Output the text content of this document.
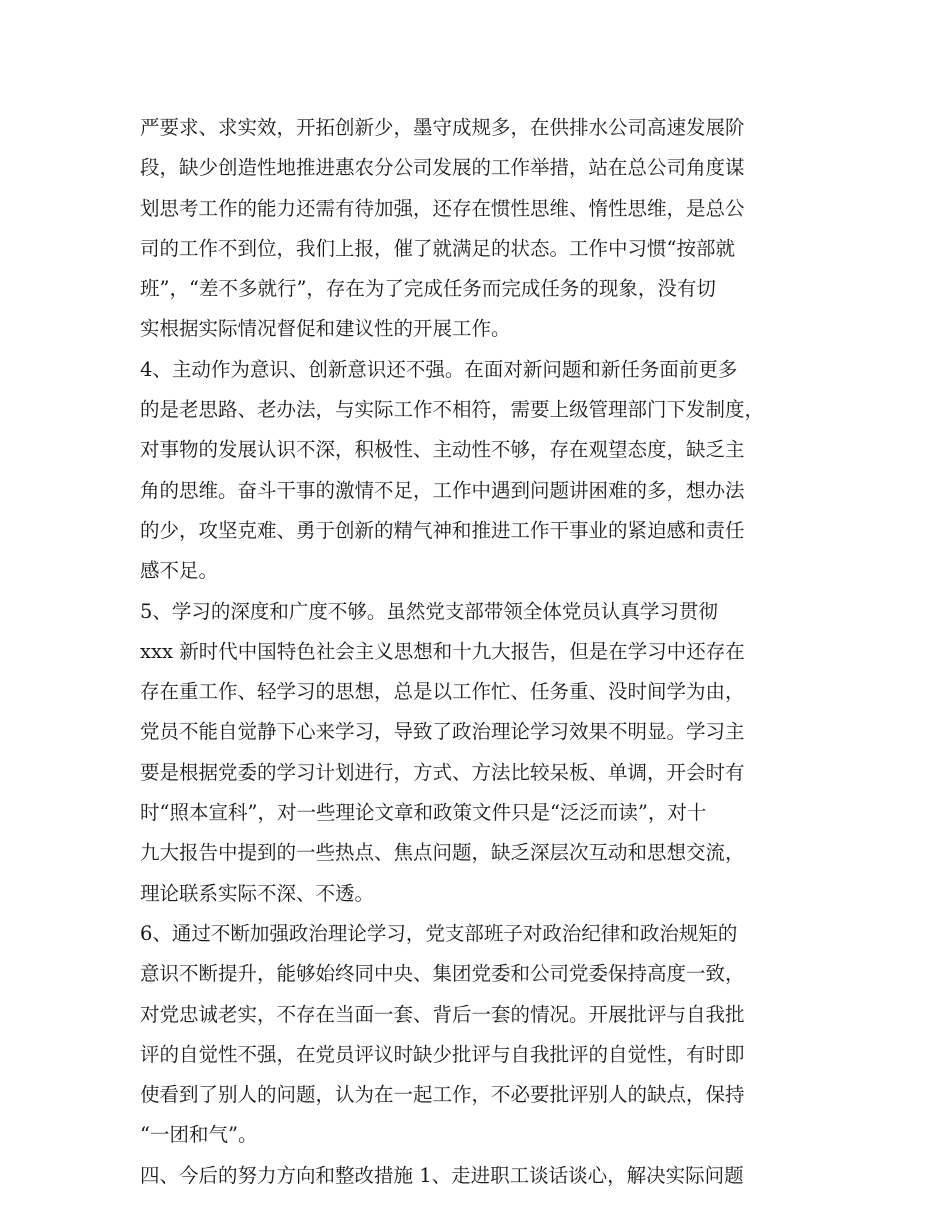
严要求、求实效，开拓创新少，墨守成规多，在供排水公司高速发展阶
段，缺少创造性地推进惠农分公司发展的工作举措，站在总公司角度谋
划思考工作的能力还需有待加强，还存在惯性思维、惰性思维，是总公
司的工作不到位，我们上报，催了就满足的状态。工作中习惯“按部就
班”，“差不多就行”，存在为了完成任务而完成任务的现象，没有切
实根据实际情况督促和建议性的开展工作。
4、主动作为意识、创新意识还不强。在面对新问题和新任务面前更多
的是老思路、老办法，与实际工作不相符，需要上级管理部门下发制度，
对事物的发展认识不深，积极性、主动性不够，存在观望态度，缺乏主
角的思维。奋斗干事的激情不足，工作中遇到问题讲困难的多，想办法
的少，攻坚克难、勇于创新的精气神和推进工作干事业的紧迫感和责任
感不足。
5、学习的深度和广度不够。虽然党支部带领全体党员认真学习贯彻
xxx 新时代中国特色社会主义思想和十九大报告，但是在学习中还存在
存在重工作、轻学习的思想，总是以工作忙、任务重、没时间学为由，
党员不能自觉静下心来学习，导致了政治理论学习效果不明显。学习主
要是根据党委的学习计划进行，方式、方法比较呆板、单调，开会时有
时“照本宣科”，对一些理论文章和政策文件只是“泛泛而读”，对十
九大报告中提到的一些热点、焦点问题，缺乏深层次互动和思想交流，
理论联系实际不深、不透。
6、通过不断加强政治理论学习，党支部班子对政治纪律和政治规矩的
意识不断提升，能够始终同中央、集团党委和公司党委保持高度一致，
对党忠诚老实，不存在当面一套、背后一套的情况。开展批评与自我批
评的自觉性不强，在党员评议时缺少批评与自我批评的自觉性，有时即
使看到了别人的问题，认为在一起工作，不必要批评别人的缺点，保持
“一团和气”。
四、今后的努力方向和整改措施 1、走进职工谈话谈心，解决实际问题
